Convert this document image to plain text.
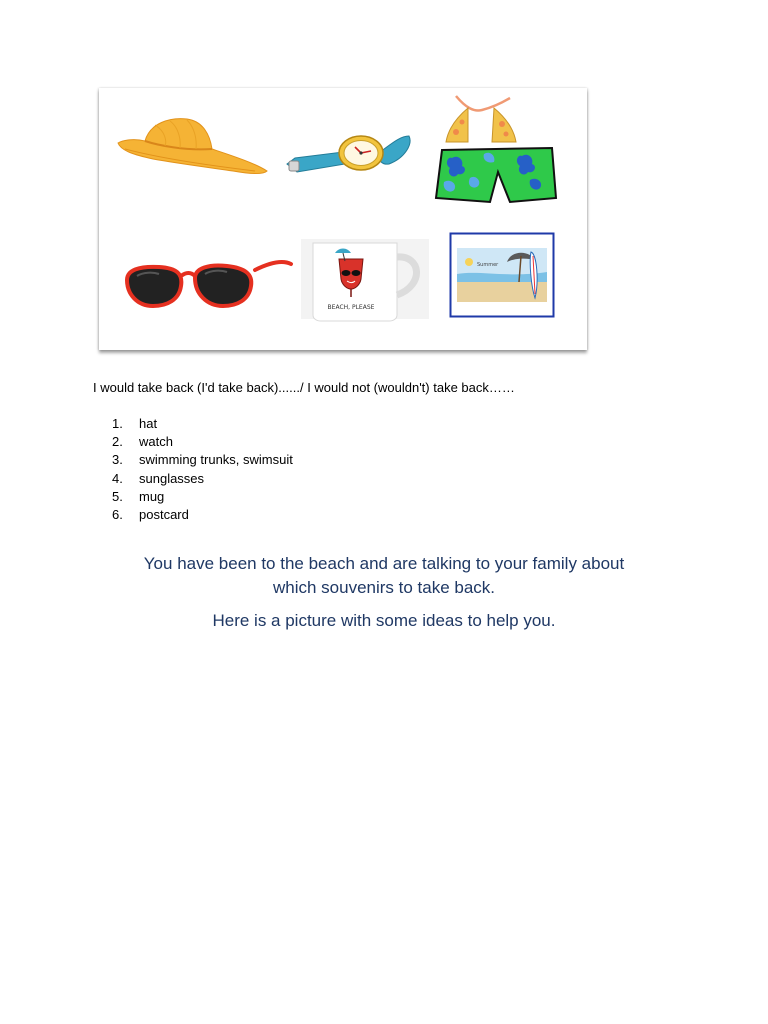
BEACH, PLEASE
Summer
I would take back (I'd take back)....../ I would not (wouldn't) take back……
1. hat
2. watch
3. swimming trunks, swimsuit
4. sunglasses
5. mug
6. postcard
You have been to the beach and are talking to your family about
which souvenirs to take back.
Here is a picture with some ideas to help you.
